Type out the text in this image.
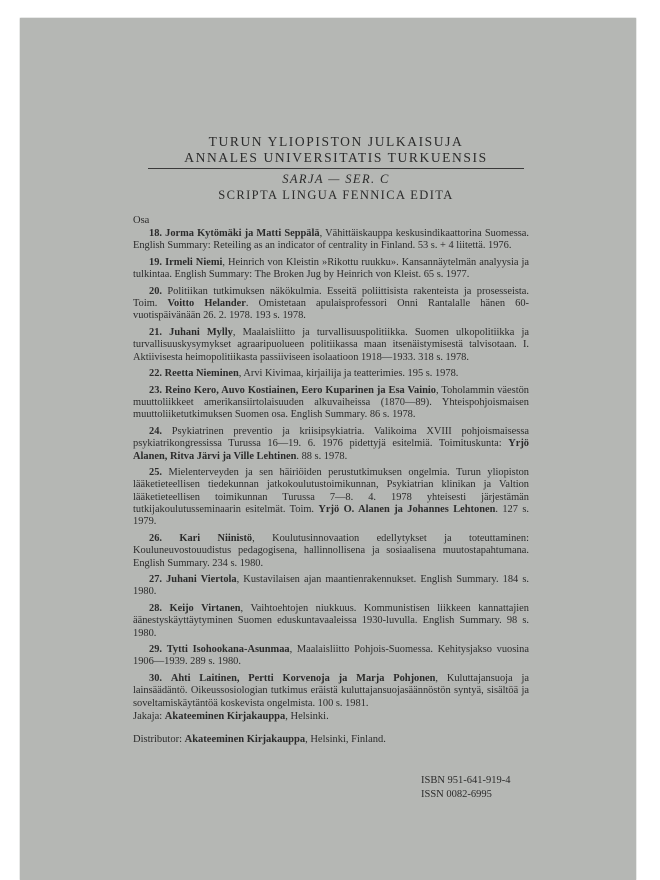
TURUN YLIOPISTON JULKAISUJA
ANNALES UNIVERSITATIS TURKUENSIS
SARJA — SER. C
SCRIPTA LINGUA FENNICA EDITA
Osa
18. Jorma Kytömäki ja Matti Seppälä, Vähittäiskauppa keskusindikaattorina Suomessa. English Summary: Reteiling as an indicator of centrality in Finland. 53 s. + 4 liitettä. 1976.
19. Irmeli Niemi, Heinrich von Kleistin »Rikottu ruukku». Kansannäytelmän analyysia ja tulkintaa. English Summary: The Broken Jug by Heinrich von Kleist. 65 s. 1977.
20. Politiikan tutkimuksen näkökulmia. Esseitä poliittisista rakenteista ja prosesseista. Toim. Voitto Helander. Omistetaan apulaisprofessori Onni Rantalalle hänen 60-vuotispäivänään 26. 2. 1978. 193 s. 1978.
21. Juhani Mylly, Maalaisliitto ja turvallisuuspolitiikka. Suomen ulkopolitiikka ja turvallisuuskysymykset agraaripuolueen politiikassa maan itsenäistymisestä talvisotaan. I. Aktiivisesta heimopolitiikasta passiiviseen isolaatioon 1918—1933. 318 s. 1978.
22. Reetta Nieminen, Arvi Kivimaa, kirjailija ja teatterimies. 195 s. 1978.
23. Reino Kero, Auvo Kostiainen, Eero Kuparinen ja Esa Vainio, Toholammin väestön muuttoliikkeet amerikansiirtolaisuuden alkuvaiheissa (1870—89). Yhteispohjoismaisen muuttoliiketutkimuksen Suomen osa. English Summary. 86 s. 1978.
24. Psykiatrinen preventio ja kriisipsykiatria. Valikoima XVIII pohjoismaisessa psykiatrikongressissa Turussa 16—19. 6. 1976 pidettyjä esitelmiä. Toimituskunta: Yrjö Alanen, Ritva Järvi ja Ville Lehtinen. 88 s. 1978.
25. Mielenterveyden ja sen häiriöiden perustutkimuksen ongelmia. Turun yliopiston lääketieteellisen tiedekunnan jatkokoulutustoimikunnan, Psykiatrian klinikan ja Valtion lääketieteellisen toimikunnan Turussa 7—8. 4. 1978 yhteisesti järjestämän tutkijakoulutusseminaarin esitelmät. Toim. Yrjö O. Alanen ja Johannes Lehtonen. 127 s. 1979.
26. Kari Niinistö, Koulutusinnovaation edellytykset ja toteuttaminen: Kouluneuvostouudistus pedagogisena, hallinnollisena ja sosiaalisena muutostapahtumana. English Summary. 234 s. 1980.
27. Juhani Viertola, Kustavilaisen ajan maantienrakennukset. English Summary. 184 s. 1980.
28. Keijo Virtanen, Vaihtoehtojen niukkuus. Kommunistisen liikkeen kannattajien äänestyskäyttäytyminen Suomen eduskuntavaaleissa 1930-luvulla. English Summary. 98 s. 1980.
29. Tytti Isohookana-Asunmaa, Maalaisliitto Pohjois-Suomessa. Kehitysjakso vuosina 1906—1939. 289 s. 1980.
30. Ahti Laitinen, Pertti Korvenoja ja Marja Pohjonen, Kuluttajansuoja ja lainsäädäntö. Oikeussosiologian tutkimus eräistä kuluttajansuojasäännöstön syntyä, sisältöä ja soveltamiskäytäntöä koskevista ongelmista. 100 s. 1981.
Jakaja: Akateeminen Kirjakauppa, Helsinki.
Distributor: Akateeminen Kirjakauppa, Helsinki, Finland.
ISBN 951-641-919-4
ISSN 0082-6995
